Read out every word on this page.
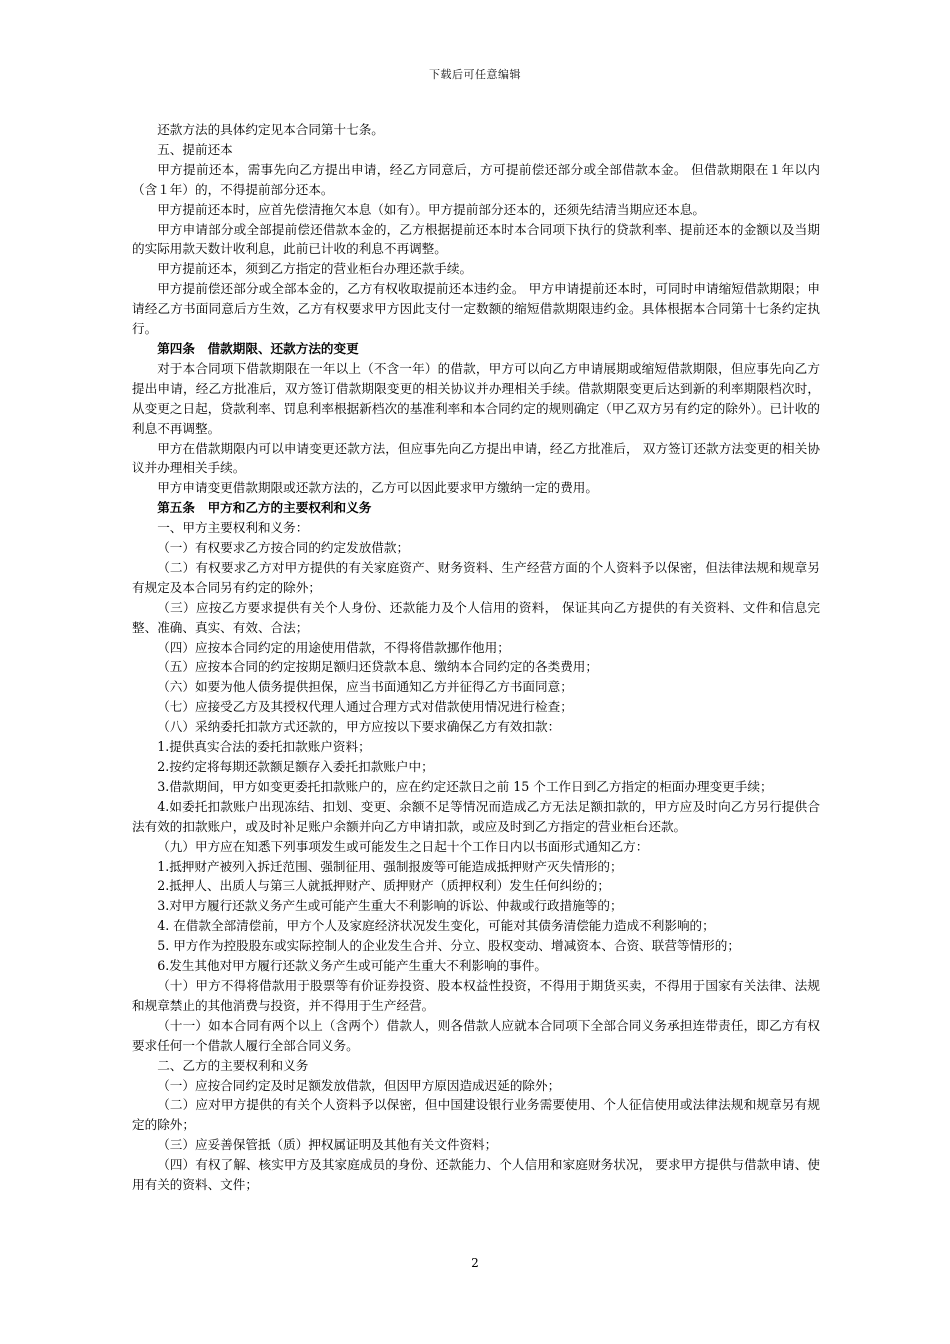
下载后可任意编辑

还款方法的具体约定见本合同第十七条。

五、提前还本

甲方提前还本，需事先向乙方提出申请，经乙方同意后，方可提前偿还部分或全部借款本金。 但借款期限在１年以内（含１年）的，不得提前部分还本。

甲方提前还本时，应首先偿清拖欠本息（如有）。甲方提前部分还本的，还须先结清当期应还本息。

甲方申请部分或全部提前偿还借款本金的，乙方根据提前还本时本合同项下执行的贷款利率、提前还本的金额以及当期的实际用款天数计收利息，此前已计收的利息不再调整。

甲方提前还本，须到乙方指定的营业柜台办理还款手续。

甲方提前偿还部分或全部本金的，乙方有权收取提前还本违约金。 甲方申请提前还本时，可同时申请缩短借款期限；申请经乙方书面同意后方生效，乙方有权要求甲方因此支付一定数额的缩短借款期限违约金。具体根据本合同第十七条约定执行。

第四条　借款期限、还款方法的变更

对于本合同项下借款期限在一年以上（不含一年）的借款，甲方可以向乙方申请展期或缩短借款期限，但应事先向乙方提出申请，经乙方批准后，双方签订借款期限变更的相关协议并办理相关手续。借款期限变更后达到新的利率期限档次时，从变更之日起，贷款利率、罚息利率根据新档次的基准利率和本合同约定的规则确定（甲乙双方另有约定的除外）。已计收的利息不再调整。

甲方在借款期限内可以申请变更还款方法，但应事先向乙方提出申请，经乙方批准后， 双方签订还款方法变更的相关协议并办理相关手续。

甲方申请变更借款期限或还款方法的，乙方可以因此要求甲方缴纳一定的费用。

第五条　甲方和乙方的主要权利和义务

一、甲方主要权利和义务：

（一）有权要求乙方按合同的约定发放借款；

（二）有权要求乙方对甲方提供的有关家庭资产、财务资料、生产经营方面的个人资料予以保密，但法律法规和规章另有规定及本合同另有约定的除外；

（三）应按乙方要求提供有关个人身份、还款能力及个人信用的资料， 保证其向乙方提供的有关资料、文件和信息完整、准确、真实、有效、合法；

（四）应按本合同约定的用途使用借款，不得将借款挪作他用；

（五）应按本合同的约定按期足额归还贷款本息、缴纳本合同约定的各类费用；

（六）如要为他人债务提供担保，应当书面通知乙方并征得乙方书面同意；

（七）应接受乙方及其授权代理人通过合理方式对借款使用情况进行检查；

（八）采纳委托扣款方式还款的，甲方应按以下要求确保乙方有效扣款：

1.提供真实合法的委托扣款账户资料；

2.按约定将每期还款额足额存入委托扣款账户中；

3.借款期间，甲方如变更委托扣款账户的，应在约定还款日之前 15 个工作日到乙方指定的柜面办理变更手续；

4.如委托扣款账户出现冻结、扣划、变更、余额不足等情况而造成乙方无法足额扣款的，甲方应及时向乙方另行提供合法有效的扣款账户，或及时补足账户余额并向乙方申请扣款，或应及时到乙方指定的营业柜台还款。

（九）甲方应在知悉下列事项发生或可能发生之日起十个工作日内以书面形式通知乙方：

1.抵押财产被列入拆迁范围、强制征用、强制报废等可能造成抵押财产灭失情形的；

2.抵押人、出质人与第三人就抵押财产、质押财产（质押权利）发生任何纠纷的；

3.对甲方履行还款义务产生或可能产生重大不利影响的诉讼、仲裁或行政措施等的；

4. 在借款全部清偿前，甲方个人及家庭经济状况发生变化，可能对其债务清偿能力造成不利影响的；

5. 甲方作为控股股东或实际控制人的企业发生合并、分立、股权变动、增减资本、合资、联营等情形的；

6.发生其他对甲方履行还款义务产生或可能产生重大不利影响的事件。

（十）甲方不得将借款用于股票等有价证券投资、股本权益性投资，不得用于期货买卖，不得用于国家有关法律、法规和规章禁止的其他消费与投资，并不得用于生产经营。

（十一）如本合同有两个以上（含两个）借款人，则各借款人应就本合同项下全部合同义务承担连带责任，即乙方有权要求任何一个借款人履行全部合同义务。

二、乙方的主要权利和义务

（一）应按合同约定及时足额发放借款，但因甲方原因造成迟延的除外；

（二）应对甲方提供的有关个人资料予以保密，但中国建设银行业务需要使用、个人征信使用或法律法规和规章另有规定的除外；

（三）应妥善保管抵（质）押权属证明及其他有关文件资料；

（四）有权了解、核实甲方及其家庭成员的身份、还款能力、个人信用和家庭财务状况， 要求甲方提供与借款申请、使用有关的资料、文件；

2
